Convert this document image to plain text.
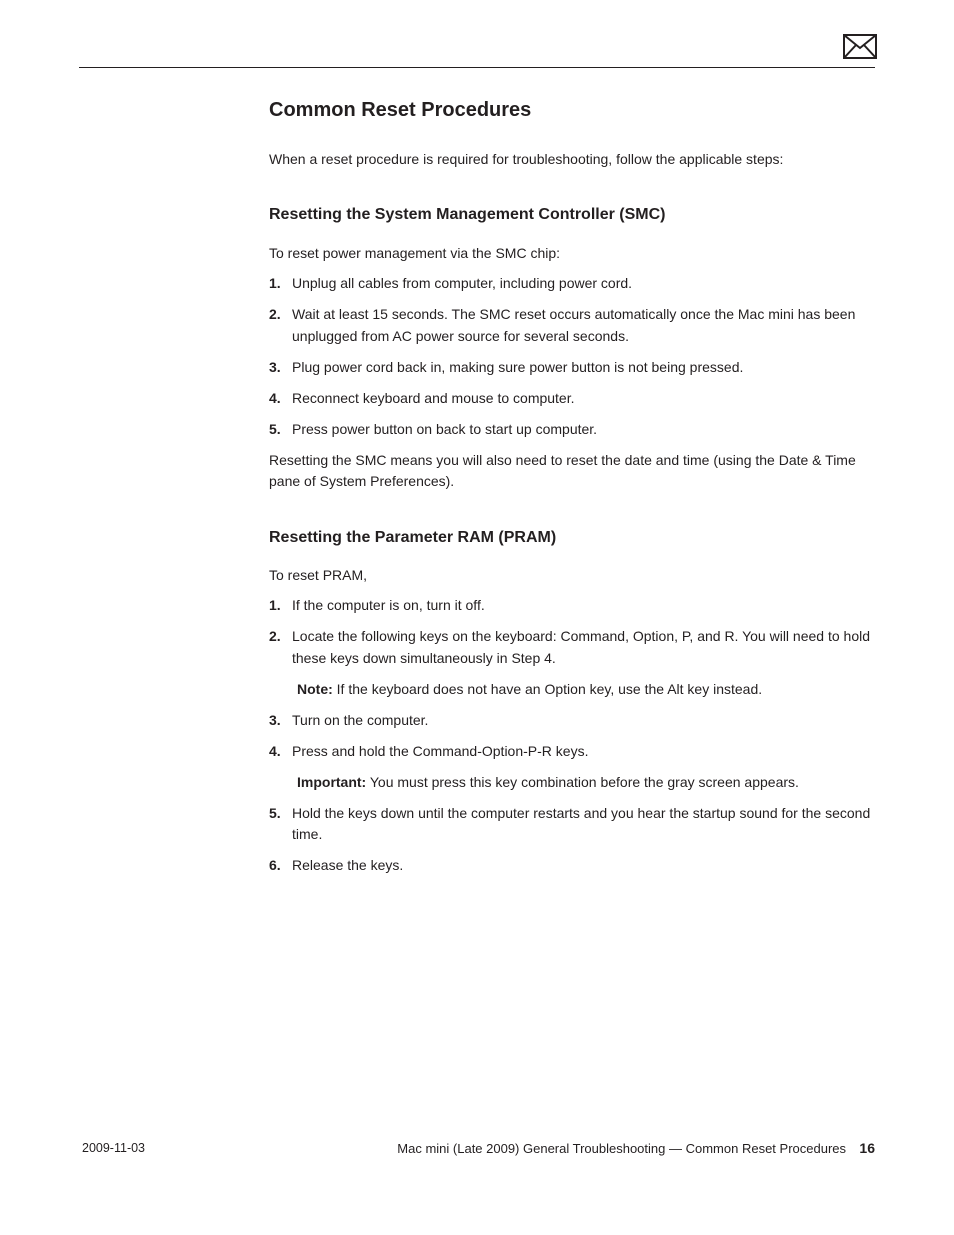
Common Reset Procedures

When a reset procedure is required for troubleshooting, follow the applicable steps:

Resetting the System Management Controller (SMC)

To reset power management via the SMC chip:

1. Unplug all cables from computer, including power cord.
2. Wait at least 15 seconds. The SMC reset occurs automatically once the Mac mini has been unplugged from AC power source for several seconds.
3. Plug power cord back in, making sure power button is not being pressed.
4. Reconnect keyboard and mouse to computer.
5. Press power button on back to start up computer.

Resetting the SMC means you will also need to reset the date and time (using the Date & Time pane of System Preferences).

Resetting the Parameter RAM (PRAM)

To reset PRAM,

1. If the computer is on, turn it off.
2. Locate the following keys on the keyboard: Command, Option, P, and R. You will need to hold these keys down simultaneously in Step 4.
Note: If the keyboard does not have an Option key, use the Alt key instead.
3. Turn on the computer.
4. Press and hold the Command-Option-P-R keys.
Important: You must press this key combination before the gray screen appears.
5. Hold the keys down until the computer restarts and you hear the startup sound for the second time.
6. Release the keys.
2009-11-03	Mac mini (Late 2009) General Troubleshooting — Common Reset Procedures 16
